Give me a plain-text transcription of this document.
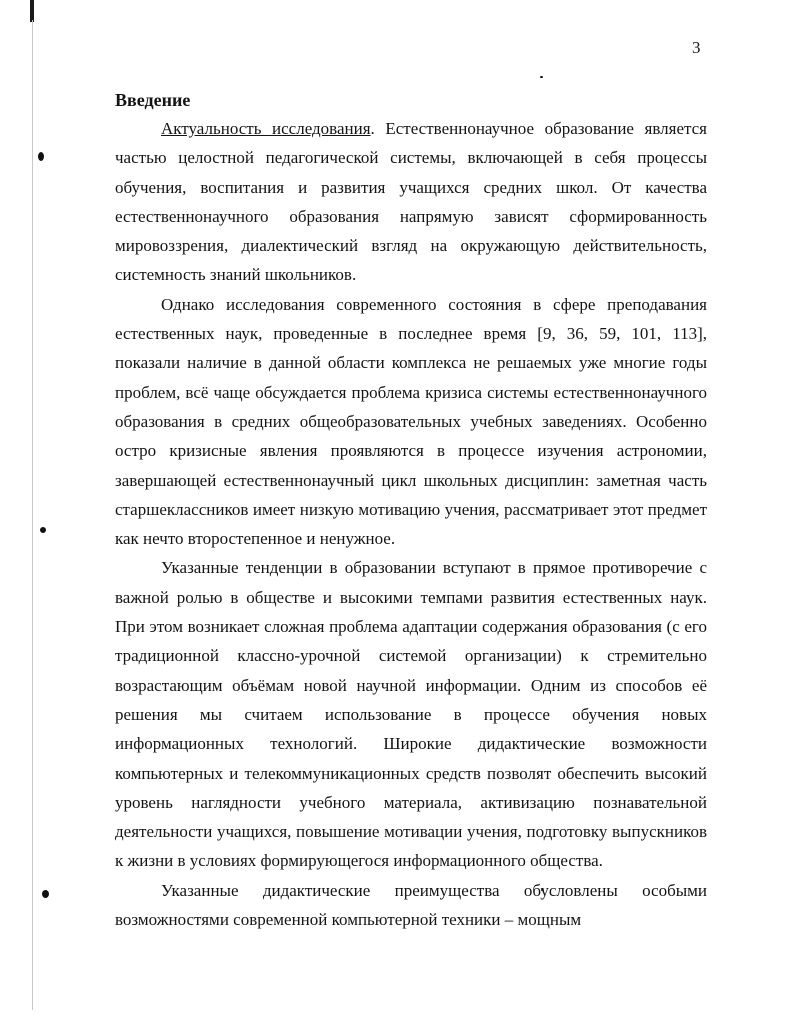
3
Введение

Актуальность исследования. Естественнонаучное образование является частью целостной педагогической системы, включающей в себя процессы обучения, воспитания и развития учащихся средних школ. От качества естественнонаучного образования напрямую зависят сформированность мировоззрения, диалектический взгляд на окружающую действительность, системность знаний школьников.

Однако исследования современного состояния в сфере преподавания естественных наук, проведенные в последнее время [9, 36, 59, 101, 113], показали наличие в данной области комплекса не решаемых уже многие годы проблем, всё чаще обсуждается проблема кризиса системы естественнонаучного образования в средних общеобразовательных учебных заведениях. Особенно остро кризисные явления проявляются в процессе изучения астрономии, завершающей естественнонаучный цикл школьных дисциплин: заметная часть старшеклассников имеет низкую мотивацию учения, рассматривает этот предмет как нечто второстепенное и ненужное.

Указанные тенденции в образовании вступают в прямое противоречие с важной ролью в обществе и высокими темпами развития естественных наук. При этом возникает сложная проблема адаптации содержания образования (с его традиционной классно-урочной системой организации) к стремительно возрастающим объёмам новой научной информации. Одним из способов её решения мы считаем использование в процессе обучения новых информационных технологий. Широкие дидактические возможности компьютерных и телекоммуникационных средств позволят обеспечить высокий уровень наглядности учебного материала, активизацию познавательной деятельности учащихся, повышение мотивации учения, подготовку выпускников к жизни в условиях формирующегося информационного общества.

Указанные дидактические преимущества обусловлены особыми возможностями современной компьютерной техники – мощным
